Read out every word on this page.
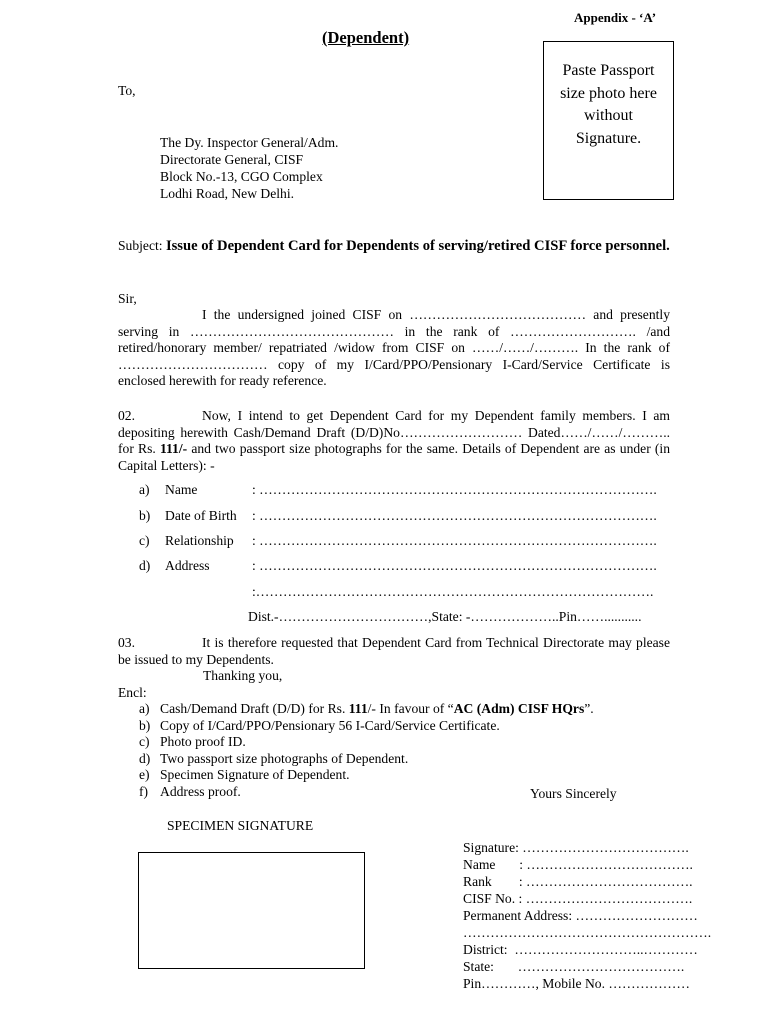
Appendix - ‘A’
(Dependent)
Paste Passport
size photo here
without
Signature.
To,
The Dy. Inspector General/Adm.
Directorate General, CISF
Block No.-13, CGO Complex
Lodhi Road, New Delhi.
Subject: Issue of Dependent Card for Dependents of serving/retired CISF force personnel.
Sir,
I the undersigned joined CISF on ………………………………… and presently serving in ……………………………………… in the rank of ………………………. /and retired/honorary member/ repatriated /widow from CISF on ……/……/………. In the rank of …………………………… copy of my I/Card/PPO/Pensionary I-Card/Service Certificate is enclosed herewith for ready reference.
02.	Now, I intend to get Dependent Card for my Dependent family members. I am depositing herewith Cash/Demand Draft (D/D)No……………………… Dated……/……/……….. for Rs. 111/- and two passport size photographs for the same. Details of Dependent are as under (in Capital Letters): -
a) Name	: …………………………………………………………………………….
b) Date of Birth : …………………………………………………………………………….
c) Relationship : …………………………………………………………………………….
d) Address	: …………………………………………………………………………….
:…………………………………………………………………………….
Dist.-……………………………,State: -………………..Pin……...........
03.	It is therefore requested that Dependent Card from Technical Directorate may please be issued to my Dependents.
Thanking you,
Encl:
a) Cash/Demand Draft (D/D) for Rs. 111/- In favour of “AC (Adm) CISF HQrs”.
b) Copy of I/Card/PPO/Pensionary 56 I-Card/Service Certificate.
c) Photo proof ID.
d) Two passport size photographs of Dependent.
e) Specimen Signature of Dependent.
f) Address proof.	Yours Sincerely
SPECIMEN SIGNATURE
Signature: ……………………………….
Name       : ……………………………….
Rank        : ……………………………….
CISF No. : ……………………………….
Permanent Address: ………………………
……………………………………………….
District:  ………………………..…………
State:       ……………………………….
Pin…………, Mobile No. ………………
